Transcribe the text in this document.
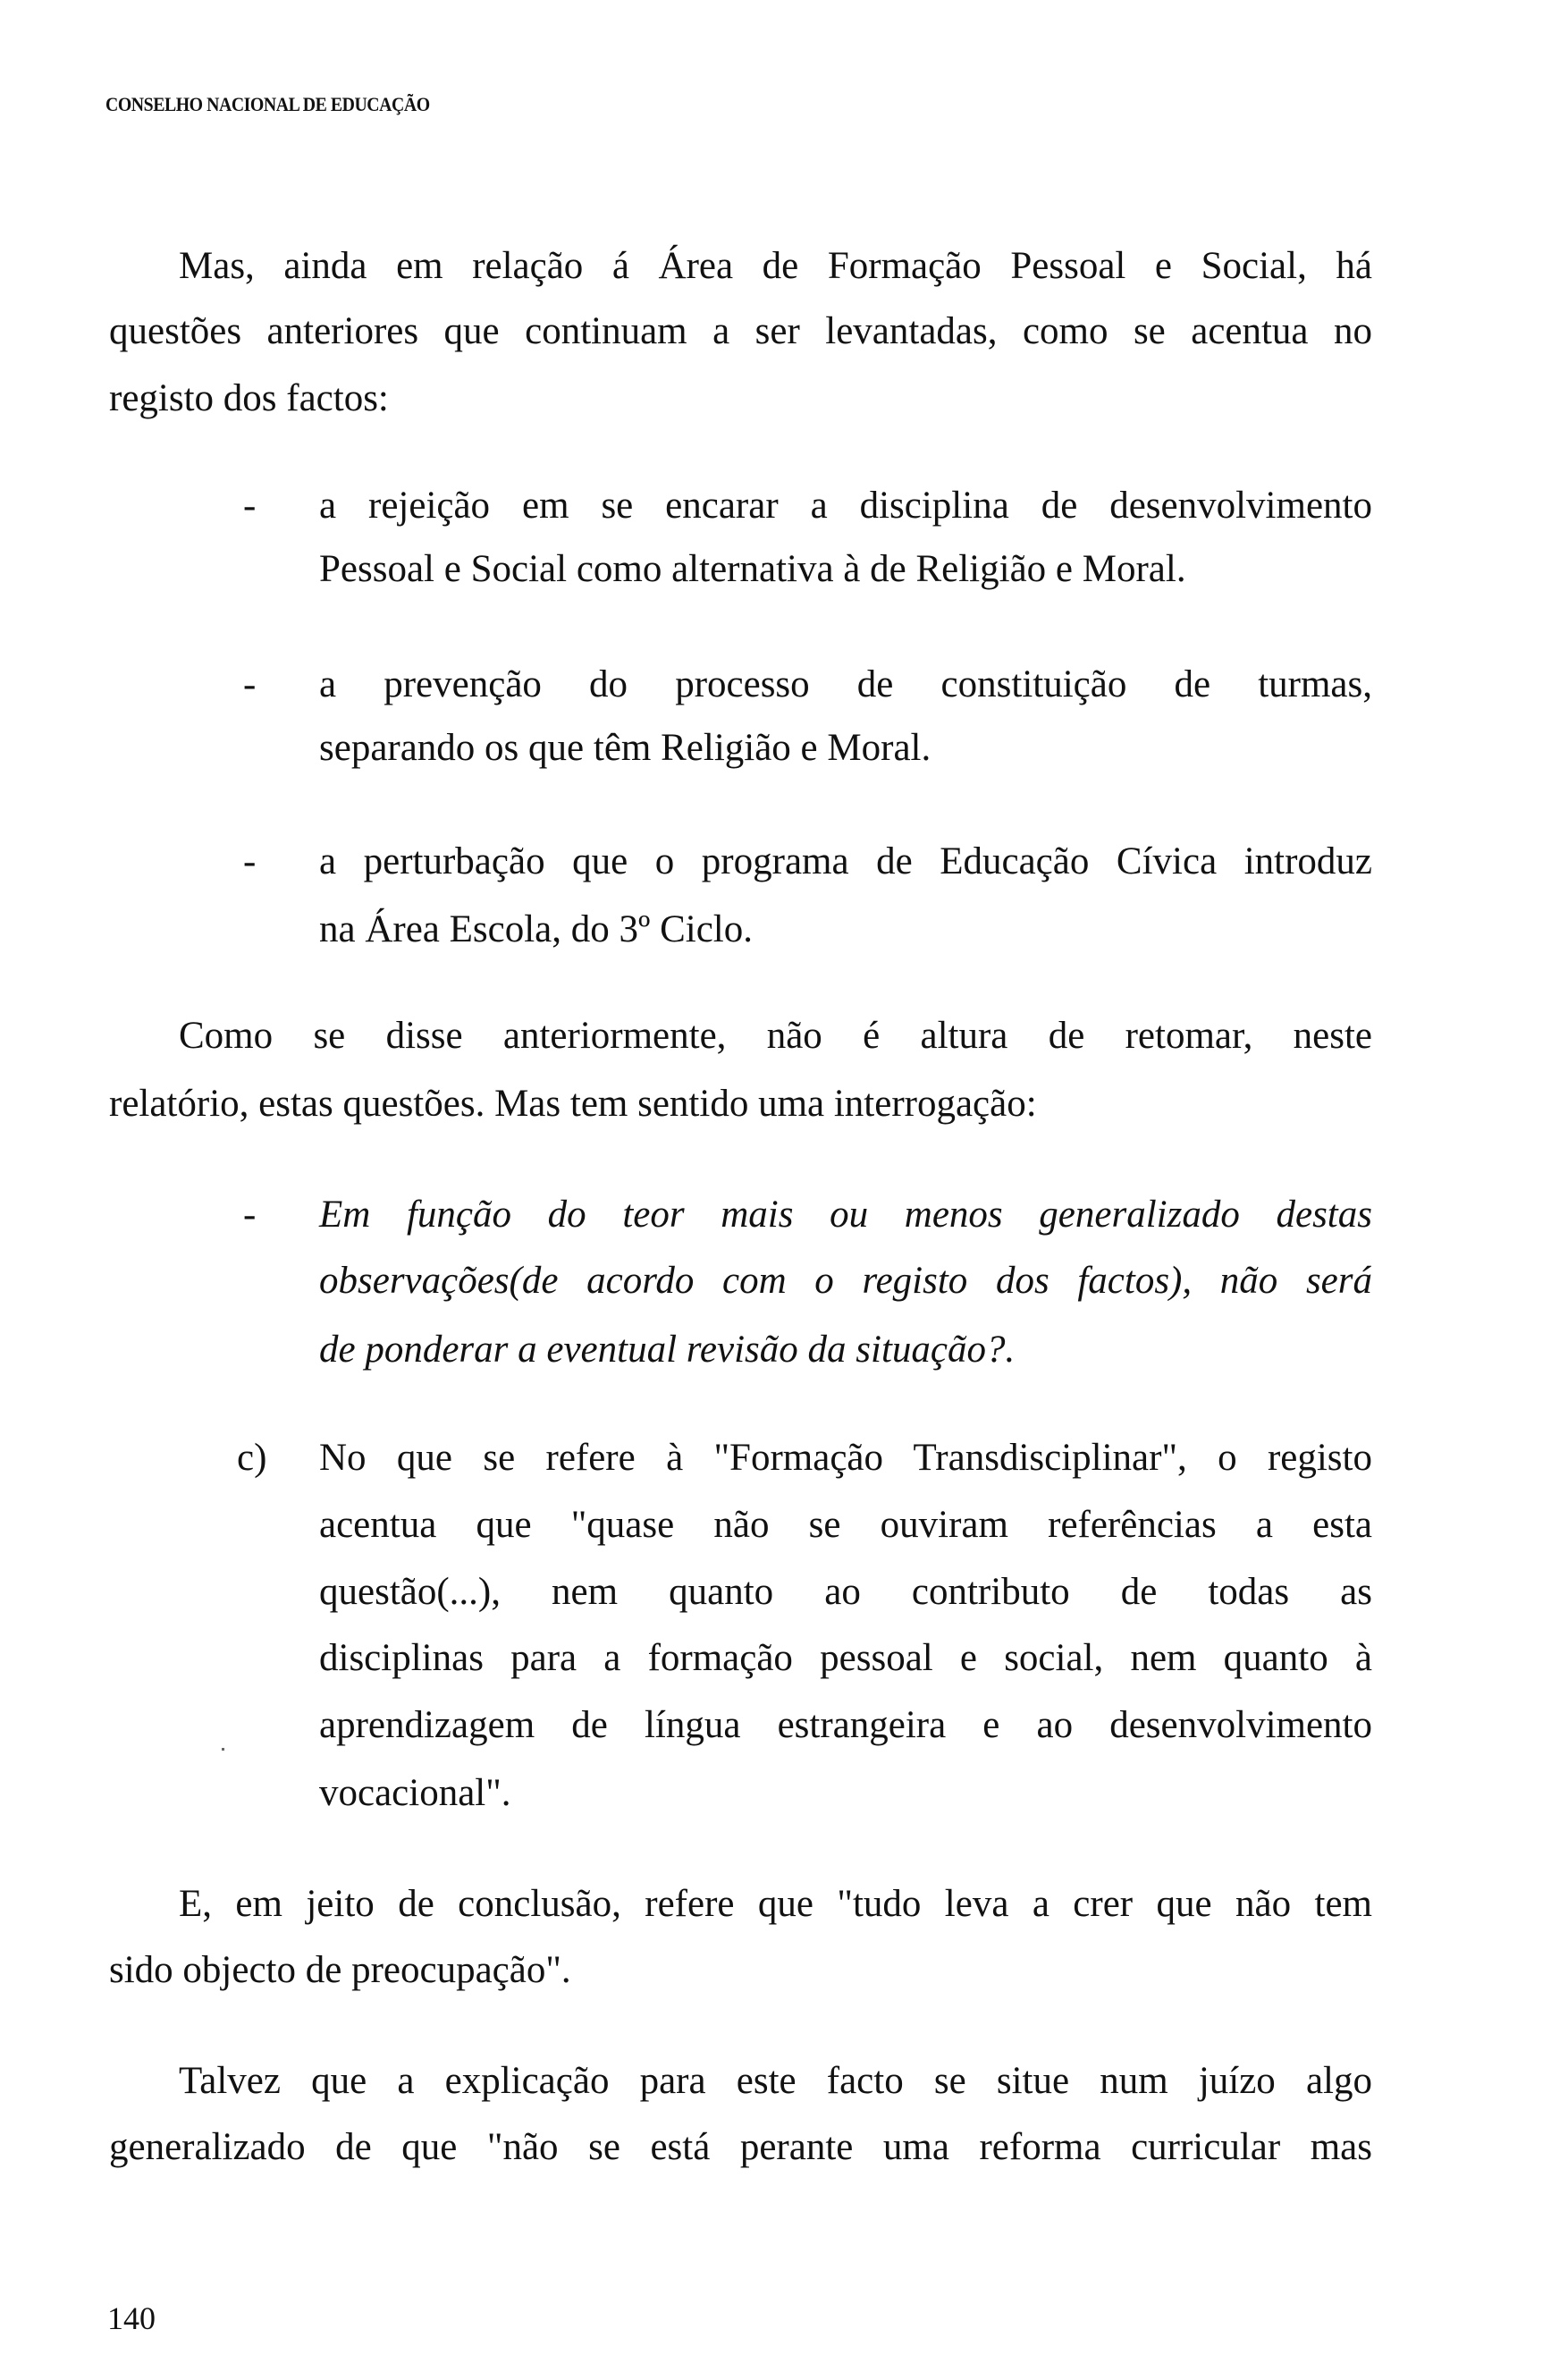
CONSELHO NACIONAL DE EDUCAÇÃO
Mas, ainda em relação á Área de Formação Pessoal e Social, há
questões anteriores que continuam a ser levantadas, como se acentua no
registo dos factos:
- a rejeição em se encarar a disciplina de desenvolvimento
Pessoal e Social como alternativa à de Religião e Moral.
- a prevenção do processo de constituição de turmas,
separando os que têm Religião e Moral.
- a perturbação que o programa de Educação Cívica introduz
na Área Escola, do 3º Ciclo.
Como se disse anteriormente, não é altura de retomar, neste
relatório, estas questões. Mas tem sentido uma interrogação:
- Em função do teor mais ou menos generalizado destas
observações(de acordo com o registo dos factos), não será
de ponderar a eventual revisão da situação?.
c) No que se refere à "Formação Transdisciplinar", o registo
acentua que "quase não se ouviram referências a esta
questão(...), nem quanto ao contributo de todas as
disciplinas para a formação pessoal e social, nem quanto à
aprendizagem de língua estrangeira e ao desenvolvimento
vocacional".
E, em jeito de conclusão, refere que "tudo leva a crer que não tem
sido objecto de preocupação".
Talvez que a explicação para este facto se situe num juízo algo
generalizado de que "não se está perante uma reforma curricular mas
140
